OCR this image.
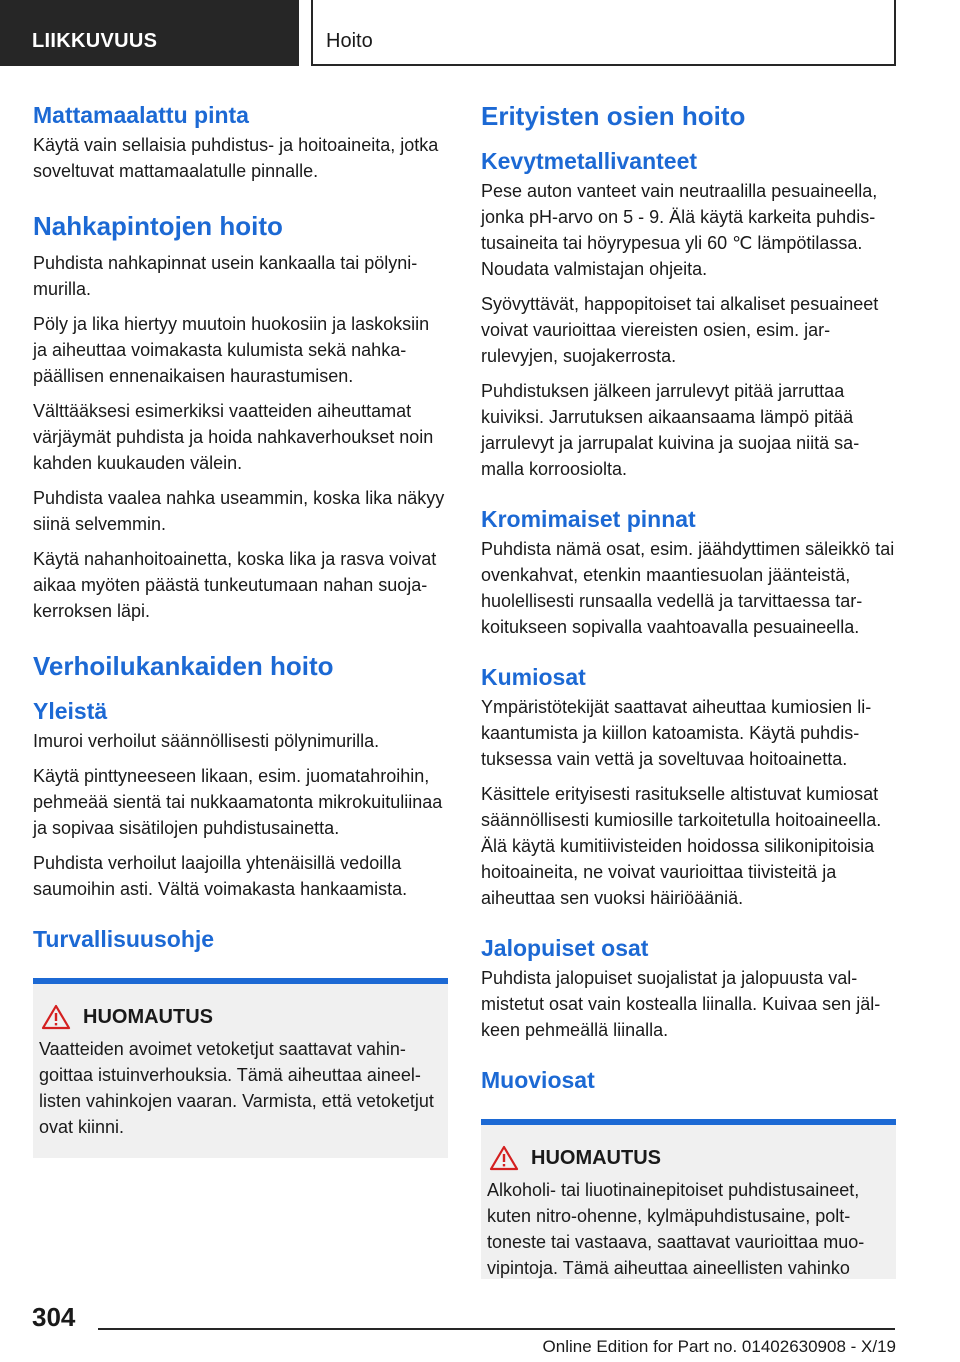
LIIKKUVUUS	Hoito
Mattamaalattu pinta

Käytä vain sellaisia puhdistus- ja hoitoaineita, jotka soveltuvat mattamaalatulle pinnalle.

Nahkapintojen hoito

Puhdista nahkapinnat usein kankaalla tai pölynimurilla.

Pöly ja lika hiertyy muutoin huokosiin ja laskoksiin ja aiheuttaa voimakasta kulumista sekä nahkapäällisen ennenaikaisen haurastumisen.

Välttääksesi esimerkiksi vaatteiden aiheuttamat värjäymät puhdista ja hoida nahkaverhoukset noin kahden kuukauden välein.

Puhdista vaalea nahka useammin, koska lika näkyy siinä selvemmin.

Käytä nahanhoitoainetta, koska lika ja rasva voivat aikaa myöten päästä tunkeutumaan nahan suojakerroksen läpi.

Verhoilukankaiden hoito
Yleistä

Imuroi verhoilut säännöllisesti pölynimurilla.

Käytä pinttyneeseen likaan, esim. juomatahroihin, pehmeää sientä tai nukkaamatonta mikrokuituliinaa ja sopivaa sisätilojen puhdistusainetta.

Puhdista verhoilut laajoilla yhtenäisillä vedoilla saumoihin asti. Vältä voimakasta hankaamista.

Turvallisuusohje
HUOMAUTUS

Vaatteiden avoimet vetoketjut saattavat vahingoittaa istuinverhouksia. Tämä aiheuttaa aineellisten vahinkojen vaaran. Varmista, että vetoketjut ovat kiinni.

Erityisten osien hoito
Kevytmetallivanteet

Pese auton vanteet vain neutraalilla pesuaineella, jonka pH-arvo on 5 - 9. Älä käytä karkeita puhdistusaineita tai höyrypesua yli 60 ℃ lämpötilassa. Noudata valmistajan ohjeita.

Syövyttävät, happopitoiset tai alkaliset pesuaineet voivat vaurioittaa viereisten osien, esim. jarrulevyjen, suojakerrosta.

Puhdistuksen jälkeen jarrulevyt pitää jarruttaa kuiviksi. Jarrutuksen aikaansaama lämpö pitää jarrulevyt ja jarrupalat kuivina ja suojaa niitä samalla korroosiolta.

Kromimaiset pinnat

Puhdista nämä osat, esim. jäähdyttimen säleikkö tai ovenkahvat, etenkin maantiesuolan jäänteistä, huolellisesti runsaalla vedellä ja tarvittaessa tarkoitukseen sopivalla vaahtoavalla pesuaineella.

Kumiosat

Ympäristötekijät saattavat aiheuttaa kumiosien likaantumista ja kiillon katoamista. Käytä puhdistuksessa vain vettä ja soveltuvaa hoitoainetta.

Käsittele erityisesti rasitukselle altistuvat kumiosat säännöllisesti kumiosille tarkoitetulla hoitoaineella. Älä käytä kumitiivisteiden hoidossa silikonipitoisia hoitoaineita, ne voivat vaurioittaa tiivisteitä ja aiheuttaa sen vuoksi häiriöääniä.

Jalopuiset osat

Puhdista jalopuiset suojalistat ja jalopuusta valmistetut osat vain kostealla liinalla. Kuivaa sen jälkeen pehmeällä liinalla.

Muoviosat
HUOMAUTUS

Alkoholi- tai liuotinainepitoiset puhdistusaineet, kuten nitro-ohenne, kylmäpuhdistusaine, polttoneste tai vastaava, saattavat vaurioittaa muovipintoja. Tämä aiheuttaa aineellisten vahinko

304
Online Edition for Part no. 01402630908 - X/19
